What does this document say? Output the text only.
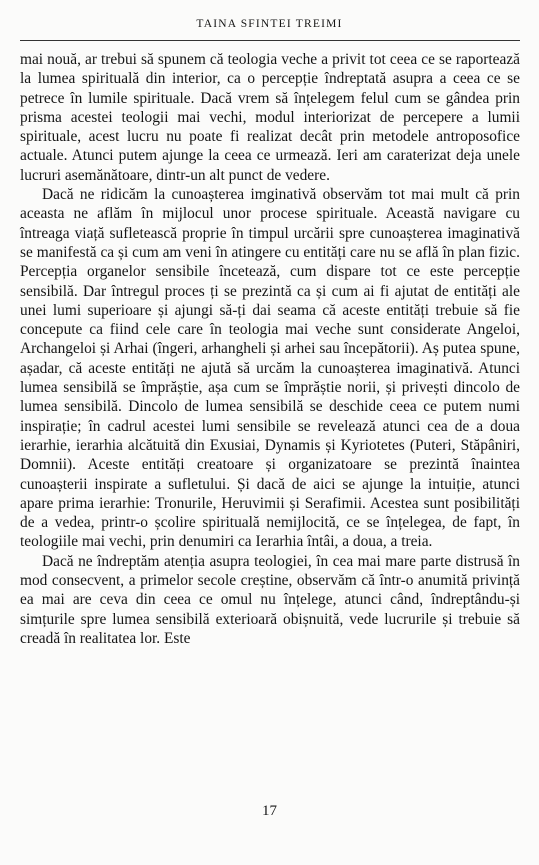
TAINA SFINTEI TREIMI

mai nouă, ar trebui să spunem că teologia veche a privit tot ceea ce se raportează la lumea spirituală din interior, ca o percepție îndreptată asupra a ceea ce se petrece în lumile spirituale. Dacă vrem să înțelegem felul cum se gândea prin prisma acestei teologii mai vechi, modul interiorizat de percepere a lumii spirituale, acest lucru nu poate fi realizat decât prin metodele antroposofice actuale. Atunci putem ajunge la ceea ce urmează. Ieri am caraterizat deja unele lucruri asemănătoare, dintr-un alt punct de vedere.

Dacă ne ridicăm la cunoașterea imginativă observăm tot mai mult că prin aceasta ne aflăm în mijlocul unor procese spirituale. Această navigare cu întreaga viață sufletească proprie în timpul urcării spre cunoașterea imaginativă se manifestă ca și cum am veni în atingere cu entități care nu se află în plan fizic. Percepția organelor sensibile încetează, cum dispare tot ce este percepție sensibilă. Dar întregul proces ți se prezintă ca și cum ai fi ajutat de entități ale unei lumi superioare și ajungi să-ți dai seama că aceste entități trebuie să fie concepute ca fiind cele care în teologia mai veche sunt considerate Angeloi, Archangeloi și Arhai (îngeri, arhangheli și arhei sau începătorii). Aș putea spune, așadar, că aceste entități ne ajută să urcăm la cunoașterea imaginativă. Atunci lumea sensibilă se împrăștie, așa cum se împrăștie norii, și privești dincolo de lumea sensibilă. Dincolo de lumea sensibilă se deschide ceea ce putem numi inspirație; în cadrul acestei lumi sensibile se revelează atunci cea de a doua ierarhie, ierarhia alcătuită din Exusiai, Dynamis și Kyriotetes (Puteri, Stăpâniri, Domnii). Aceste entități creatoare și organizatoare se prezintă înaintea cunoașterii inspirate a sufletului. Și dacă de aici se ajunge la intuiție, atunci apare prima ierarhie: Tronurile, Heruvimii și Serafimii. Acestea sunt posibilități de a vedea, printr-o școlire spirituală nemijlocită, ce se înțelegea, de fapt, în teologiile mai vechi, prin denumiri ca Ierarhia întâi, a doua, a treia.

Dacă ne îndreptăm atenția asupra teologiei, în cea mai mare parte distrusă în mod consecvent, a primelor secole creștine, observăm că într-o anumită privință ea mai are ceva din ceea ce omul nu înțelege, atunci când, îndreptându-și simțurile spre lumea sensibilă exterioară obișnuită, vede lucrurile și trebuie să creadă în realitatea lor. Este

17
